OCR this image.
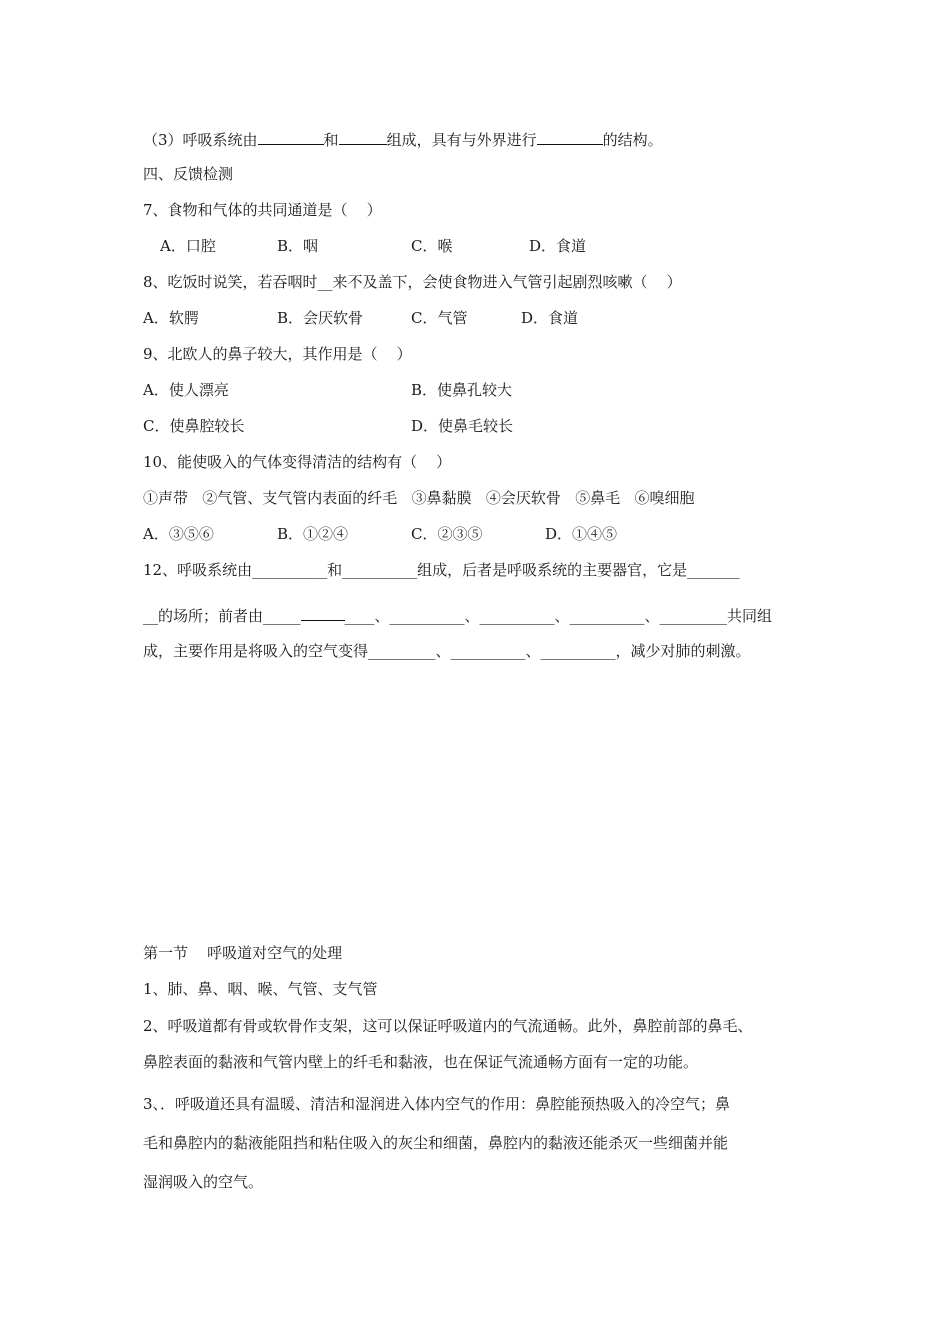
（3）呼吸系统由	和	组成，具有与外界进行	的结构。
四、反馈检测
7、食物和气体的共同通道是（    ）
A．口腔	B．咽	C．喉	D．食道
8、吃饭时说笑，若吞咽时__来不及盖下，会使食物进入气管引起剧烈咳嗽（    ）
A．软腭	B．会厌软骨	C．气管	D．食道
9、北欧人的鼻子较大，其作用是（    ）
A．使人漂亮	B．使鼻孔较大
C．使鼻腔较长	D．使鼻毛较长
10、能使吸入的气体变得清洁的结构有（    ）
①声带   ②气管、支气管内表面的纤毛   ③鼻黏膜   ④会厌软骨   ⑤鼻毛   ⑥嗅细胞
A．③⑤⑥	B．①②④	C．②③⑤	D．①④⑤
12、呼吸系统由__________和__________组成，后者是呼吸系统的主要器官，它是_______
__的场所；前者由_____	____、__________、__________、__________、_________共同组
成，主要作用是将吸入的空气变得_________、__________、__________，减少对肺的刺激。
第一节    呼吸道对空气的处理
1、肺、鼻、咽、喉、气管、支气管
2、呼吸道都有骨或软骨作支架，这可以保证呼吸道内的气流通畅。此外，鼻腔前部的鼻毛、
鼻腔表面的黏液和气管内壁上的纤毛和黏液，也在保证气流通畅方面有一定的功能。
3、．呼吸道还具有温暖、清洁和湿润进入体内空气的作用：鼻腔能预热吸入的冷空气；鼻
毛和鼻腔内的黏液能阻挡和粘住吸入的灰尘和细菌，鼻腔内的黏液还能杀灭一些细菌并能
湿润吸入的空气。
